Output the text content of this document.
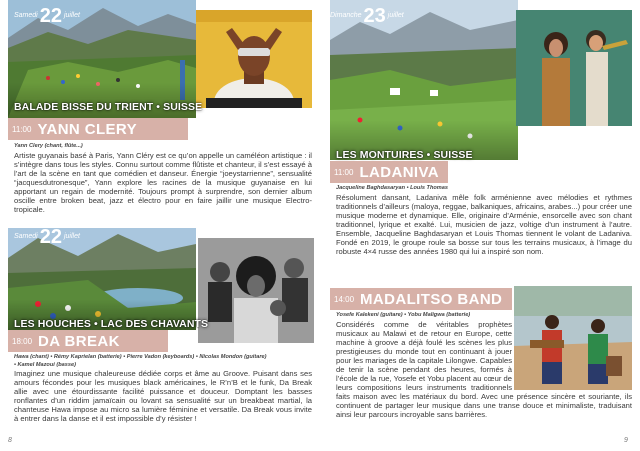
Samedi 22 juillet
BALADE BISSE DU TRIENT • SUISSE
11:00 YANN CLERY
Yann Clery (chant, flûte...)
Artiste guyanais basé à Paris, Yann Cléry est ce qu’on appelle un caméléon artistique : il s’intègre dans tous les styles. Connu surtout comme flûtiste et chanteur, il s’est essayé à l’art de la scène en tant que comédien et danseur. Énergie “joeystarrienne”, sensualité “jacquesdutronesque”, Yann explore les racines de la musique guyanaise en lui apportant un regain de modernité. Toujours prompt à surprendre, son dernier album oscille entre broken beat, jazz et électro pour en faire jaillir une musique Electro-tropicale.
Samedi 22 juillet
LES HOUCHES • LAC DES CHAVANTS
18:00 DA BREAK
Hawa (chant) • Rémy Kaprielan (batterie) • Pierre Vadon (keyboards) • Nicolas Mondon (guitare) • Kamel Mazoui (basse)
Imaginez une musique chaleureuse dédiée corps et âme au Groove. Puisant dans ses amours fécondes pour les musiques black américaines, le R’n’B et le funk, Da Break allie avec une étourdissante facilité puissance et douceur. Domptant les basses ronflantes d’un riddim jamaïcain ou lovant sa sensualité sur un breakbeat martial, la chanteuse Hawa impose au micro sa lumière féminine et versatile. Da Break vous invite à entrer dans la danse et il est impossible d’y résister !
8
Dimanche 23 juillet
LES MONTUIRES • SUISSE
11:00 LADANIVA
Jacqueline Baghdasaryan • Louis Thomas
Résolument dansant, Ladaniva mêle folk arménienne avec mélodies et rythmes traditionnels d’ailleurs (maloya, reggae, balkaniques, africains, arabes...) pour créer une musique moderne et dynamique. Elle, originaire d’Arménie, ensorcelle avec son chant traditionnel, lyrique et exalté. Lui, musicien de jazz, voltige d’un instrument à l’autre. Ensemble, Jacqueline Baghdasaryan et Louis Thomas tiennent le volant de Ladaniva. Fondé en 2019, le groupe roule sa bosse sur tous les terrains musicaux, à l’image du robuste 4×4 russe des années 1980 qui lui a inspiré son nom.
14:00 MADALITSO BAND
Yosefe Kalekeni (guitare) • Yobu Maligwa (batterie)
Considérés comme de véritables prophètes musicaux au Malawi et de retour en Europe, cette machine à groove a déjà foulé les scènes les plus prestigieuses du monde tout en continuant à jouer pour les mariages de la capitale Lilongwe. Capables de tenir la scène pendant des heures, formés à l’école de la rue, Yosefe et Yobu placent au cœur de leurs compositions leurs instruments traditionnels faits maison avec les matériaux du bord. Avec une présence sincère et souriante, ils continuent de partager leur musique dans une transe douce et minimaliste, traduisant ainsi leur parcours incroyable sans barrières.
9
